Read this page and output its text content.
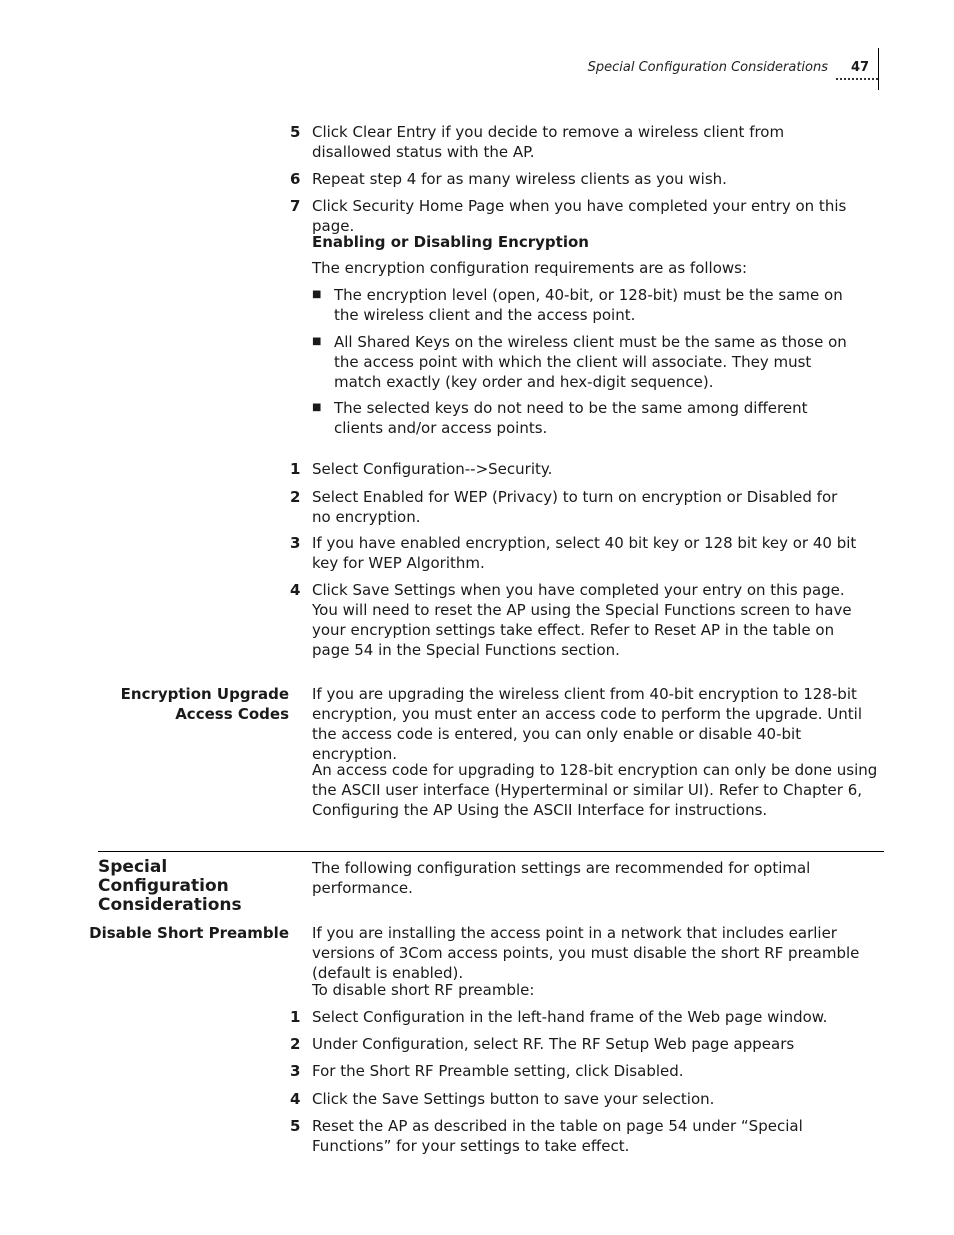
Special Configuration Considerations 47
5 Click Clear Entry if you decide to remove a wireless client from disallowed status with the AP.
6 Repeat step 4 for as many wireless clients as you wish.
7 Click Security Home Page when you have completed your entry on this page.
Enabling or Disabling Encryption
The encryption configuration requirements are as follows:
■ The encryption level (open, 40-bit, or 128-bit) must be the same on the wireless client and the access point.
■ All Shared Keys on the wireless client must be the same as those on the access point with which the client will associate. They must match exactly (key order and hex-digit sequence).
■ The selected keys do not need to be the same among different clients and/or access points.
1 Select Configuration-->Security.
2 Select Enabled for WEP (Privacy) to turn on encryption or Disabled for no encryption.
3 If you have enabled encryption, select 40 bit key or 128 bit key or 40 bit key for WEP Algorithm.
4 Click Save Settings when you have completed your entry on this page. You will need to reset the AP using the Special Functions screen to have your encryption settings take effect. Refer to Reset AP in the table on page 54 in the Special Functions section.
Encryption Upgrade
Access Codes
If you are upgrading the wireless client from 40-bit encryption to 128-bit encryption, you must enter an access code to perform the upgrade. Until the access code is entered, you can only enable or disable 40-bit encryption.
An access code for upgrading to 128-bit encryption can only be done using the ASCII user interface (Hyperterminal or similar UI). Refer to Chapter 6, Configuring the AP Using the ASCII Interface for instructions.
Special Configuration
Considerations
The following configuration settings are recommended for optimal performance.
Disable Short Preamble If you are installing the access point in a network that includes earlier versions of 3Com access points, you must disable the short RF preamble (default is enabled).
To disable short RF preamble:
1 Select Configuration in the left-hand frame of the Web page window.
2 Under Configuration, select RF. The RF Setup Web page appears
3 For the Short RF Preamble setting, click Disabled.
4 Click the Save Settings button to save your selection.
5 Reset the AP as described in the table on page 54 under “Special Functions” for your settings to take effect.
